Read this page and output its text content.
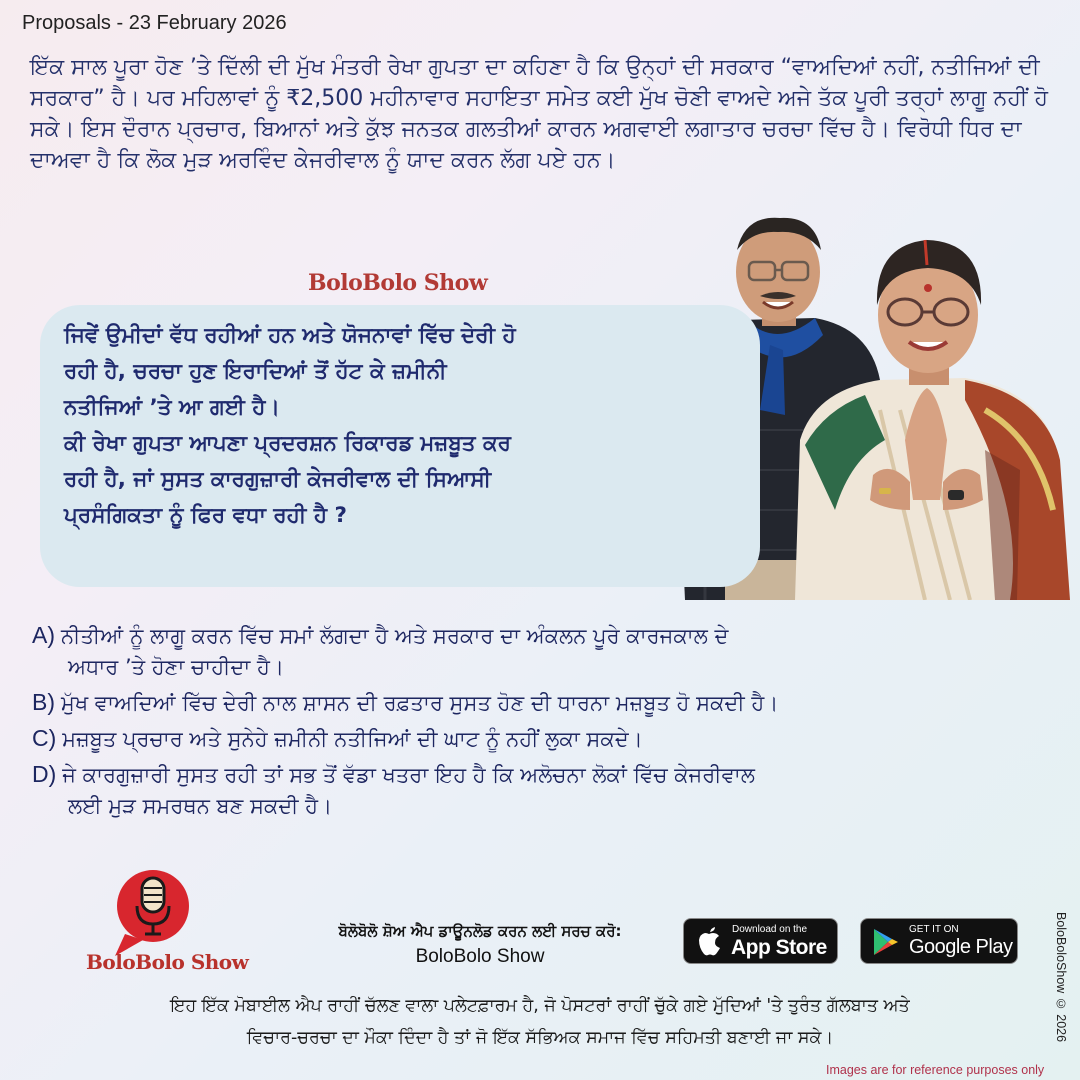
Proposals - 23 February 2026

ਇੱਕ ਸਾਲ ਪੂਰਾ ਹੋਣ ’ਤੇ ਦਿੱਲੀ ਦੀ ਮੁੱਖ ਮੰਤਰੀ ਰੇਖਾ ਗੁਪਤਾ ਦਾ ਕਹਿਣਾ ਹੈ ਕਿ ਉਨ੍ਹਾਂ ਦੀ ਸਰਕਾਰ “ਵਾਅਦਿਆਂ ਨਹੀਂ, ਨਤੀਜਿਆਂ ਦੀ ਸਰਕਾਰ” ਹੈ। ਪਰ ਮਹਿਲਾਵਾਂ ਨੂੰ ₹2,500 ਮਹੀਨਾਵਾਰ ਸਹਾਇਤਾ ਸਮੇਤ ਕਈ ਮੁੱਖ ਚੋਣੀ ਵਾਅਦੇ ਅਜੇ ਤੱਕ ਪੂਰੀ ਤਰ੍ਹਾਂ ਲਾਗੂ ਨਹੀਂ ਹੋ ਸਕੇ। ਇਸ ਦੌਰਾਨ ਪ੍ਰਚਾਰ, ਬਿਆਨਾਂ ਅਤੇ ਕੁੱਝ ਜਨਤਕ ਗਲਤੀਆਂ ਕਾਰਨ ਅਗਵਾਈ ਲਗਾਤਾਰ ਚਰਚਾ ਵਿੱਚ ਹੈ। ਵਿਰੋਧੀ ਧਿਰ ਦਾ ਦਾਅਵਾ ਹੈ ਕਿ ਲੋਕ ਮੁੜ ਅਰਵਿੰਦ ਕੇਜਰੀਵਾਲ ਨੂੰ ਯਾਦ ਕਰਨ ਲੱਗ ਪਏ ਹਨ।

BoloBolo Show

ਜਿਵੇਂ ਉਮੀਦਾਂ ਵੱਧ ਰਹੀਆਂ ਹਨ ਅਤੇ ਯੋਜਨਾਵਾਂ ਵਿੱਚ ਦੇਰੀ ਹੋ
ਰਹੀ ਹੈ, ਚਰਚਾ ਹੁਣ ਇਰਾਦਿਆਂ ਤੋਂ ਹੱਟ ਕੇ ਜ਼ਮੀਨੀ
ਨਤੀਜਿਆਂ ’ਤੇ ਆ ਗਈ ਹੈ।
ਕੀ ਰੇਖਾ ਗੁਪਤਾ ਆਪਣਾ ਪ੍ਰਦਰਸ਼ਨ ਰਿਕਾਰਡ ਮਜ਼ਬੂਤ ਕਰ
ਰਹੀ ਹੈ, ਜਾਂ ਸੁਸਤ ਕਾਰਗੁਜ਼ਾਰੀ ਕੇਜਰੀਵਾਲ ਦੀ ਸਿਆਸੀ
ਪ੍ਰਸੰਗਿਕਤਾ ਨੂੰ ਫਿਰ ਵਧਾ ਰਹੀ ਹੈ ?

A) ਨੀਤੀਆਂ ਨੂੰ ਲਾਗੂ ਕਰਨ ਵਿੱਚ ਸਮਾਂ ਲੱਗਦਾ ਹੈ ਅਤੇ ਸਰਕਾਰ ਦਾ ਅੰਕਲਨ ਪੂਰੇ ਕਾਰਜਕਾਲ ਦੇ
ਅਧਾਰ ’ਤੇ ਹੋਣਾ ਚਾਹੀਦਾ ਹੈ।
B) ਮੁੱਖ ਵਾਅਦਿਆਂ ਵਿੱਚ ਦੇਰੀ ਨਾਲ ਸ਼ਾਸਨ ਦੀ ਰਫ਼ਤਾਰ ਸੁਸਤ ਹੋਣ ਦੀ ਧਾਰਨਾ ਮਜ਼ਬੂਤ ਹੋ ਸਕਦੀ ਹੈ।
C) ਮਜ਼ਬੂਤ ਪ੍ਰਚਾਰ ਅਤੇ ਸੁਨੇਹੇ ਜ਼ਮੀਨੀ ਨਤੀਜਿਆਂ ਦੀ ਘਾਟ ਨੂੰ ਨਹੀਂ ਲੁਕਾ ਸਕਦੇ।
D) ਜੇ ਕਾਰਗੁਜ਼ਾਰੀ ਸੁਸਤ ਰਹੀ ਤਾਂ ਸਭ ਤੋਂ ਵੱਡਾ ਖਤਰਾ ਇਹ ਹੈ ਕਿ ਅਲੋਚਨਾ ਲੋਕਾਂ ਵਿੱਚ ਕੇਜਰੀਵਾਲ
ਲਈ ਮੁੜ ਸਮਰਥਨ ਬਣ ਸਕਦੀ ਹੈ।
BoloBolo Show
ਬੋਲੋਬੋਲੋ ਸ਼ੋਅ ਐਪ ਡਾਊਨਲੋਡ ਕਰਨ ਲਈ ਸਰਚ ਕਰੋ:
BoloBolo Show
Download on the
App Store
GET IT ON
Google Play

ਇਹ ਇੱਕ ਮੋਬਾਈਲ ਐਪ ਰਾਹੀਂ ਚੱਲਣ ਵਾਲਾ ਪਲੇਟਫ਼ਾਰਮ ਹੈ, ਜੋ ਪੋਸਟਰਾਂ ਰਾਹੀਂ ਚੁੱਕੇ ਗਏ ਮੁੱਦਿਆਂ 'ਤੇ ਤੁਰੰਤ ਗੱਲਬਾਤ ਅਤੇ
ਵਿਚਾਰ-ਚਰਚਾ ਦਾ ਮੌਕਾ ਦਿੰਦਾ ਹੈ ਤਾਂ ਜੋ ਇੱਕ ਸੱਭਿਅਕ ਸਮਾਜ ਵਿੱਚ ਸਹਿਮਤੀ ਬਣਾਈ ਜਾ ਸਕੇ।	BoloBoloShow © 2026
Images are for reference purposes only
